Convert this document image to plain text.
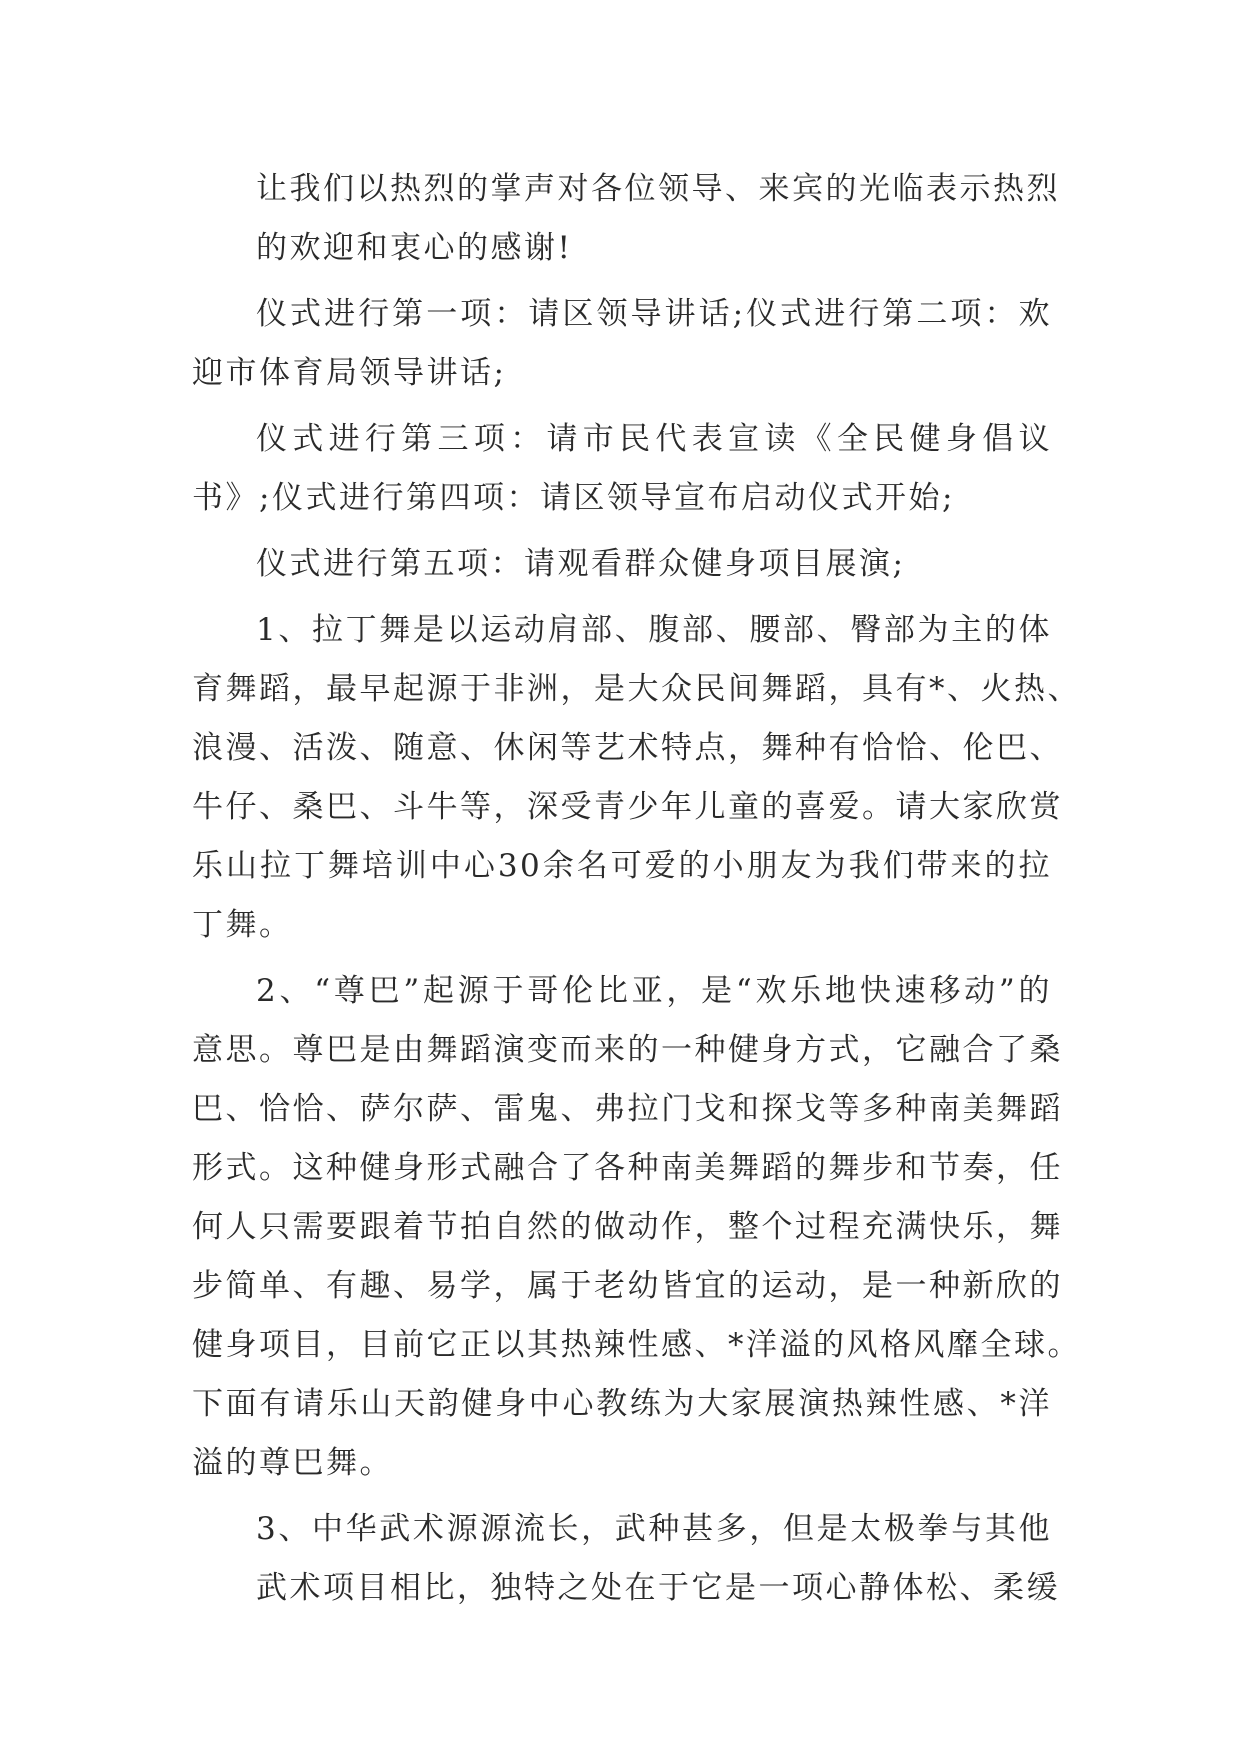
让我们以热烈的掌声对各位领导、来宾的光临表示热烈
的欢迎和衷心的感谢!
仪式进行第一项：请区领导讲话;仪式进行第二项：欢
迎市体育局领导讲话;
仪式进行第三项：请市民代表宣读《全民健身倡议
书》;仪式进行第四项：请区领导宣布启动仪式开始;
仪式进行第五项：请观看群众健身项目展演;
1、拉丁舞是以运动肩部、腹部、腰部、臀部为主的体
育舞蹈，最早起源于非洲，是大众民间舞蹈，具有*、火热、
浪漫、活泼、随意、休闲等艺术特点，舞种有恰恰、伦巴、
牛仔、桑巴、斗牛等，深受青少年儿童的喜爱。请大家欣赏
乐山拉丁舞培训中心30余名可爱的小朋友为我们带来的拉
丁舞。
2、“尊巴”起源于哥伦比亚，是“欢乐地快速移动”的
意思。尊巴是由舞蹈演变而来的一种健身方式，它融合了桑
巴、恰恰、萨尔萨、雷鬼、弗拉门戈和探戈等多种南美舞蹈
形式。这种健身形式融合了各种南美舞蹈的舞步和节奏，任
何人只需要跟着节拍自然的做动作，整个过程充满快乐，舞
步简单、有趣、易学，属于老幼皆宜的运动，是一种新欣的
健身项目，目前它正以其热辣性感、*洋溢的风格风靡全球。
下面有请乐山天韵健身中心教练为大家展演热辣性感、*洋
溢的尊巴舞。
3、中华武术源源流长，武种甚多，但是太极拳与其他
武术项目相比，独特之处在于它是一项心静体松、柔缓
